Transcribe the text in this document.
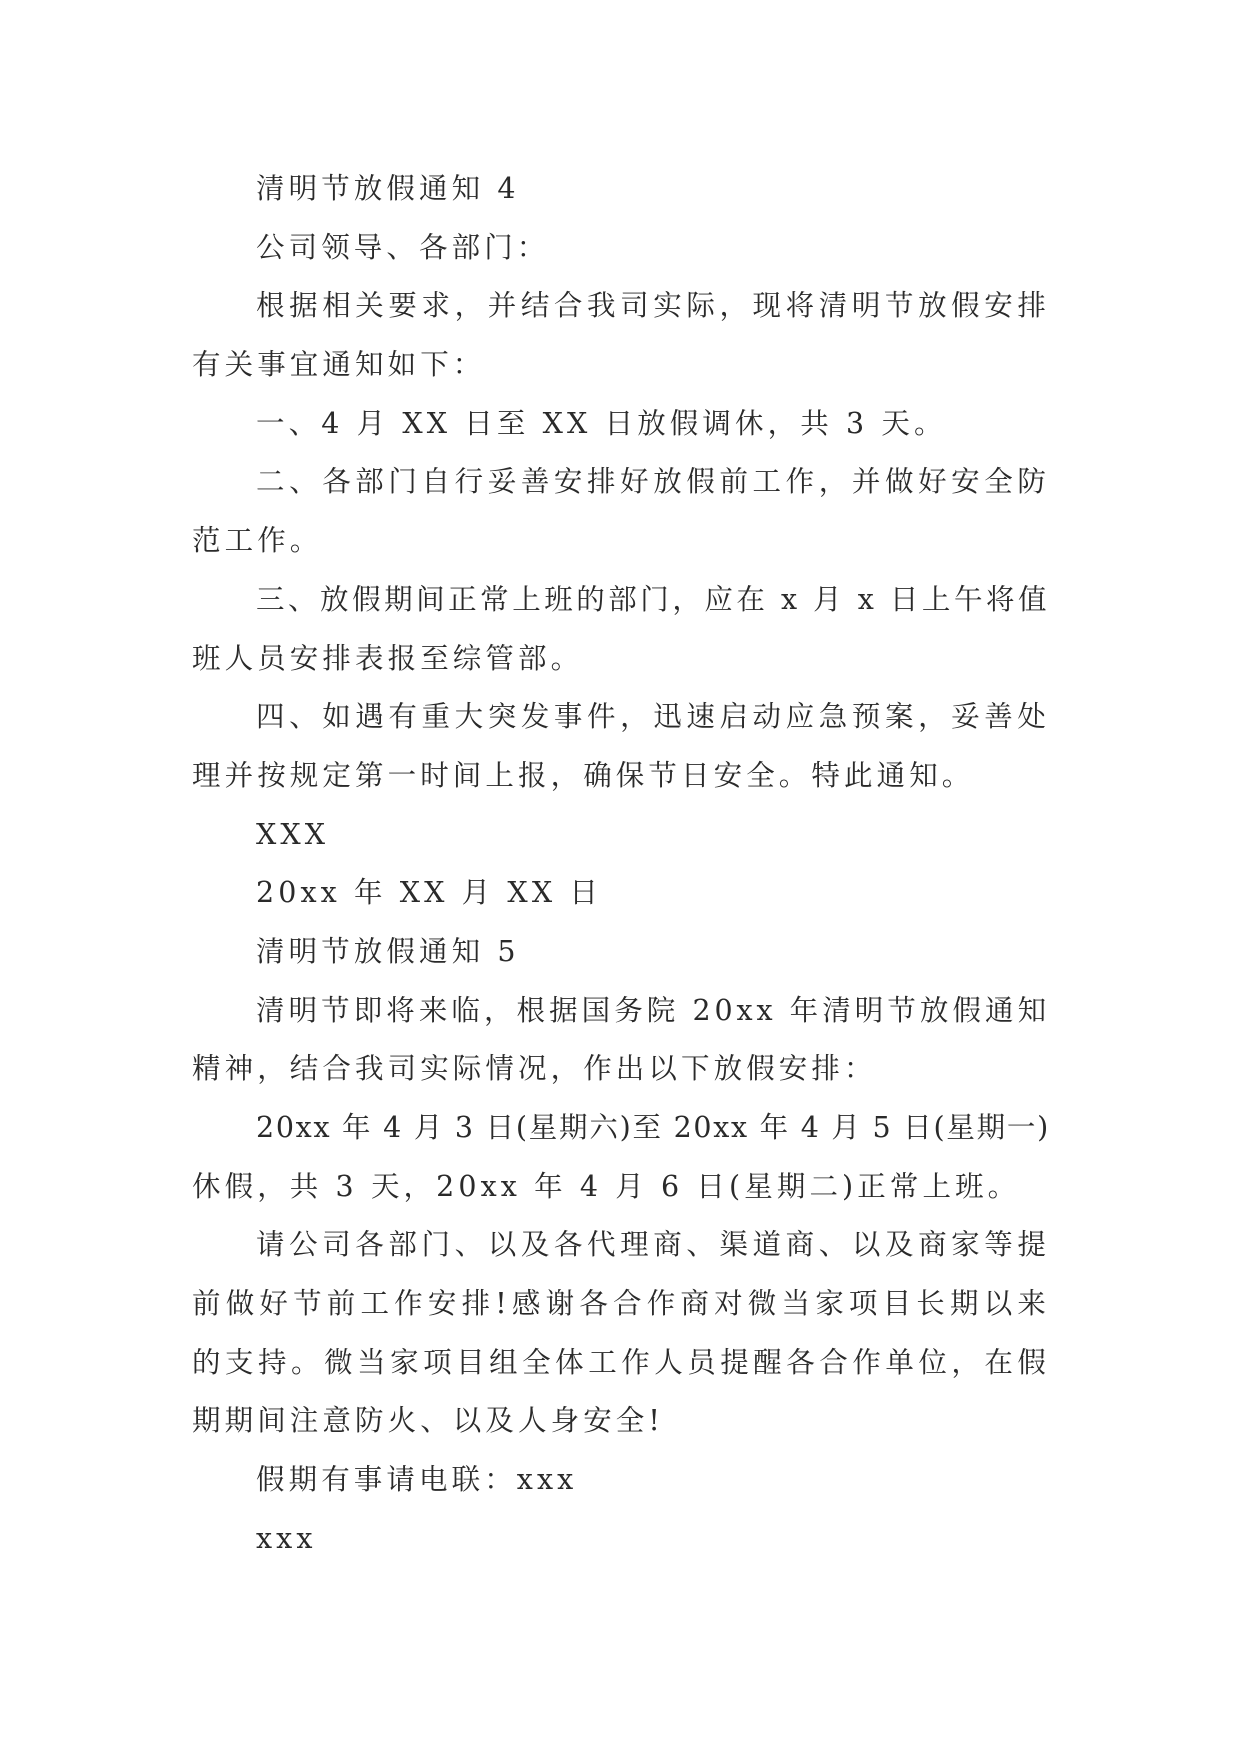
清明节放假通知 4

公司领导、各部门：

根据相关要求，并结合我司实际，现将清明节放假安排

有关事宜通知如下：

一、4 月 XX 日至 XX 日放假调休，共 3 天。

二、各部门自行妥善安排好放假前工作，并做好安全防

范工作。

三、放假期间正常上班的部门，应在 x 月 x 日上午将值

班人员安排表报至综管部。

四、如遇有重大突发事件，迅速启动应急预案，妥善处

理并按规定第一时间上报，确保节日安全。特此通知。

XXX

20xx 年 XX 月 XX 日

清明节放假通知 5

清明节即将来临，根据国务院 20xx 年清明节放假通知

精神，结合我司实际情况，作出以下放假安排：

20xx 年 4 月 3 日(星期六)至 20xx 年 4 月 5 日(星期一)

休假，共 3 天，20xx 年 4 月 6 日(星期二)正常上班。

请公司各部门、以及各代理商、渠道商、以及商家等提

前做好节前工作安排!感谢各合作商对微当家项目长期以来

的支持。微当家项目组全体工作人员提醒各合作单位，在假

期期间注意防火、以及人身安全!

假期有事请电联：xxx

xxx
